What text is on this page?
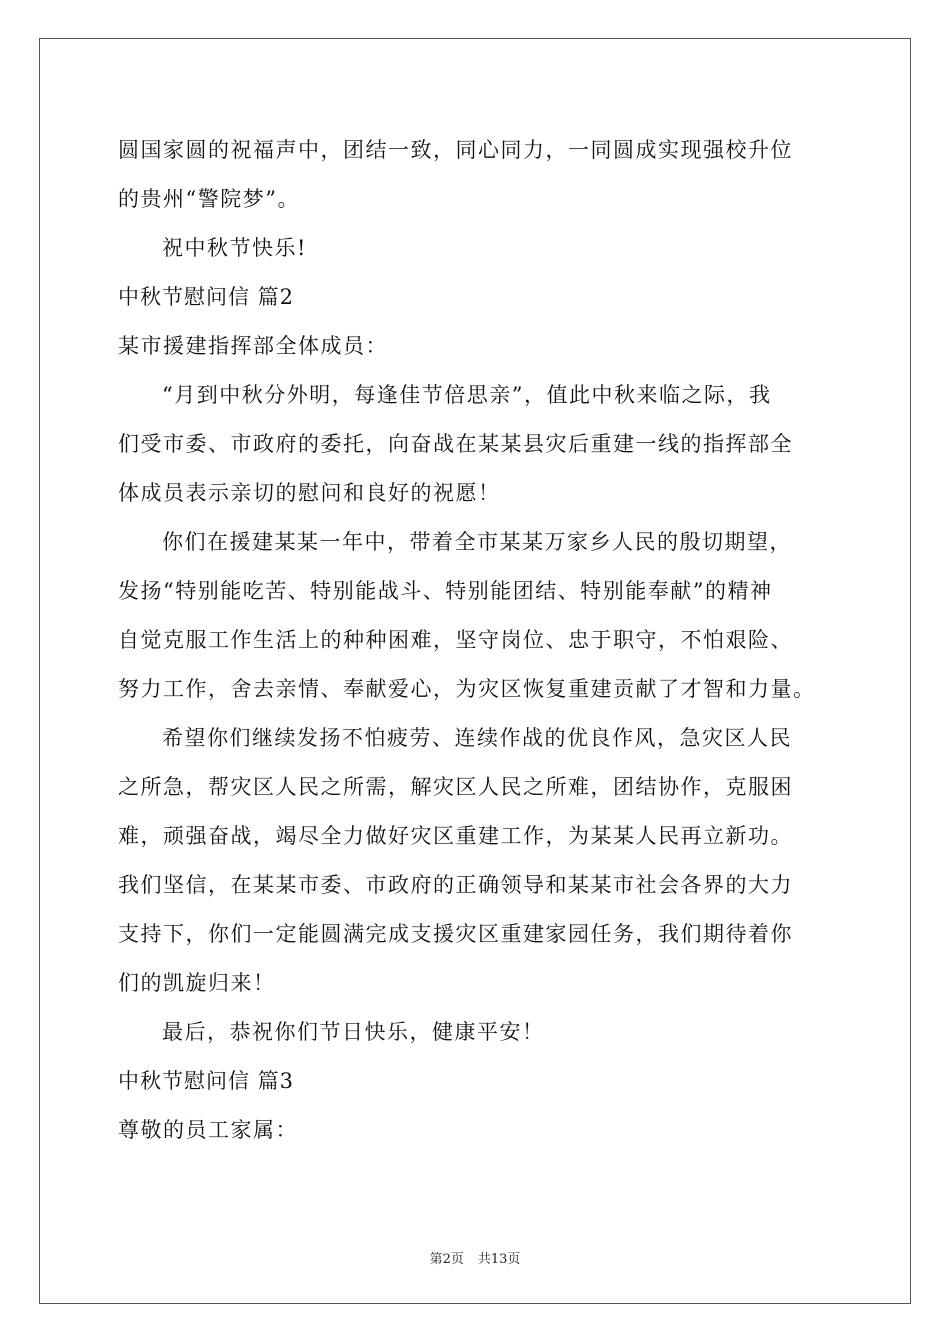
圆国家圆的祝福声中，团结一致，同心同力，一同圆成实现强校升位
的贵州“警院梦”。
祝中秋节快乐!
中秋节慰问信 篇2
某市援建指挥部全体成员：
“月到中秋分外明，每逢佳节倍思亲”，值此中秋来临之际，我
们受市委、市政府的委托，向奋战在某某县灾后重建一线的指挥部全
体成员表示亲切的慰问和良好的祝愿！
你们在援建某某一年中，带着全市某某万家乡人民的殷切期望，
发扬“特别能吃苦、特别能战斗、特别能团结、特别能奉献”的精神
自觉克服工作生活上的种种困难，坚守岗位、忠于职守，不怕艰险、
努力工作，舍去亲情、奉献爱心，为灾区恢复重建贡献了才智和力量。
希望你们继续发扬不怕疲劳、连续作战的优良作风，急灾区人民
之所急，帮灾区人民之所需，解灾区人民之所难，团结协作，克服困
难，顽强奋战，竭尽全力做好灾区重建工作，为某某人民再立新功。
我们坚信，在某某市委、市政府的正确领导和某某市社会各界的大力
支持下，你们一定能圆满完成支援灾区重建家园任务，我们期待着你
们的凯旋归来！
最后，恭祝你们节日快乐，健康平安！
中秋节慰问信 篇3
尊敬的员工家属：
第2页 共13页
